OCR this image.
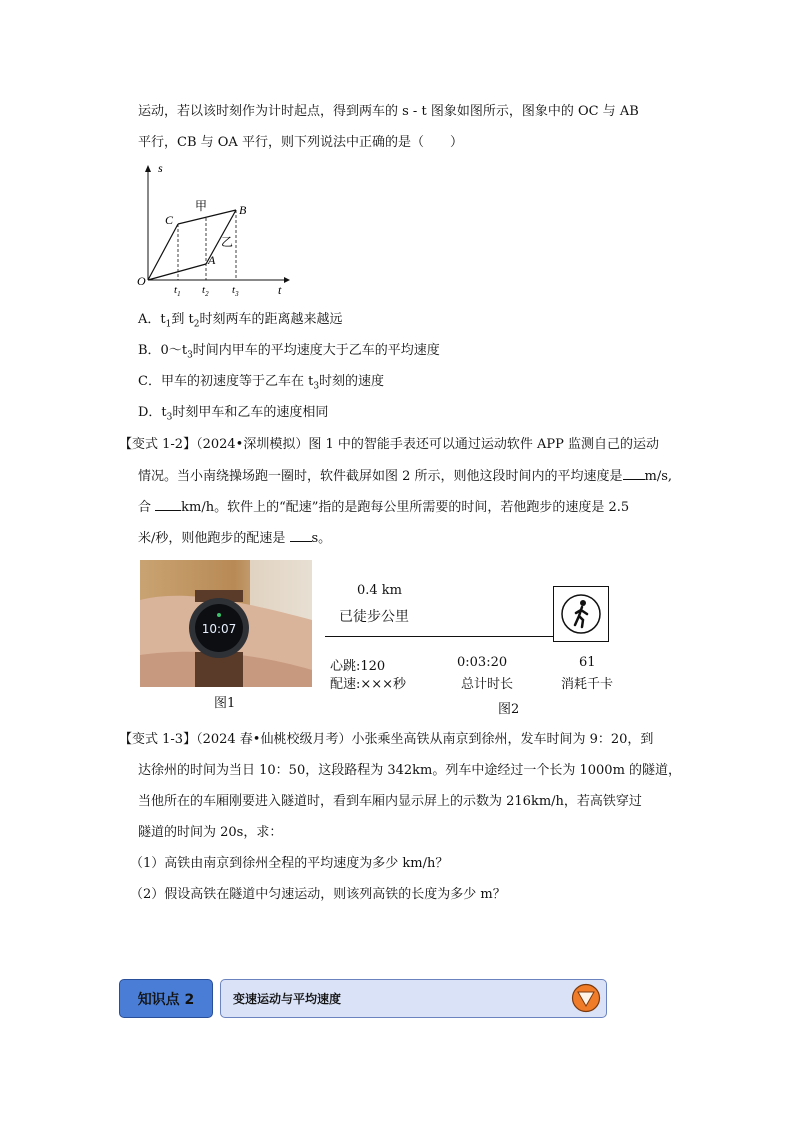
运动，若以该时刻作为计时起点，得到两车的 s - t 图象如图所示，图象中的 OC 与 AB
平行，CB 与 OA 平行，则下列说法中正确的是（　　）
s
t
O
C
B
A
甲
乙
$t_1$ $t_2$ $t_3$
A．$t_1$到 $t_2$时刻两车的距离越来越远
B．$0\sim t_3$时间内甲车的平均速度大于乙车的平均速度
C．甲车的初速度等于乙车在 $t_3$时刻的速度
D．$t_3$时刻甲车和乙车的速度相同
【变式 1-2】（2024•深圳模拟）图 1 中的智能手表还可以通过运动软件 APP 监测自己的运动
情况。当小南绕操场跑一圈时，软件截屏如图 2 所示，则他这段时间内的平均速度是 m/s,
合 km/h。软件上的“配速”指的是跑每公里所需要的时间，若他跑步的速度是 2.5
米/秒，则他跑步的配速是 s。
10:07
图1
0.4 km
已徒步公里
心跳:120
配速:×××秒
0:03:20
总计时长
61
消耗千卡
图2
【变式 1-3】（2024 春•仙桃校级月考）小张乘坐高铁从南京到徐州，发车时间为 9：20，到
达徐州的时间为当日 10：50，这段路程为 342km。列车中途经过一个长为 1000m 的隧道，
当他所在的车厢刚要进入隧道时，看到车厢内显示屏上的示数为 216km/h，若高铁穿过
隧道的时间为 20s，求：
（1）高铁由南京到徐州全程的平均速度为多少 km/h？
（2）假设高铁在隧道中匀速运动，则该列高铁的长度为多少 m？
知识点 2	变速运动与平均速度
